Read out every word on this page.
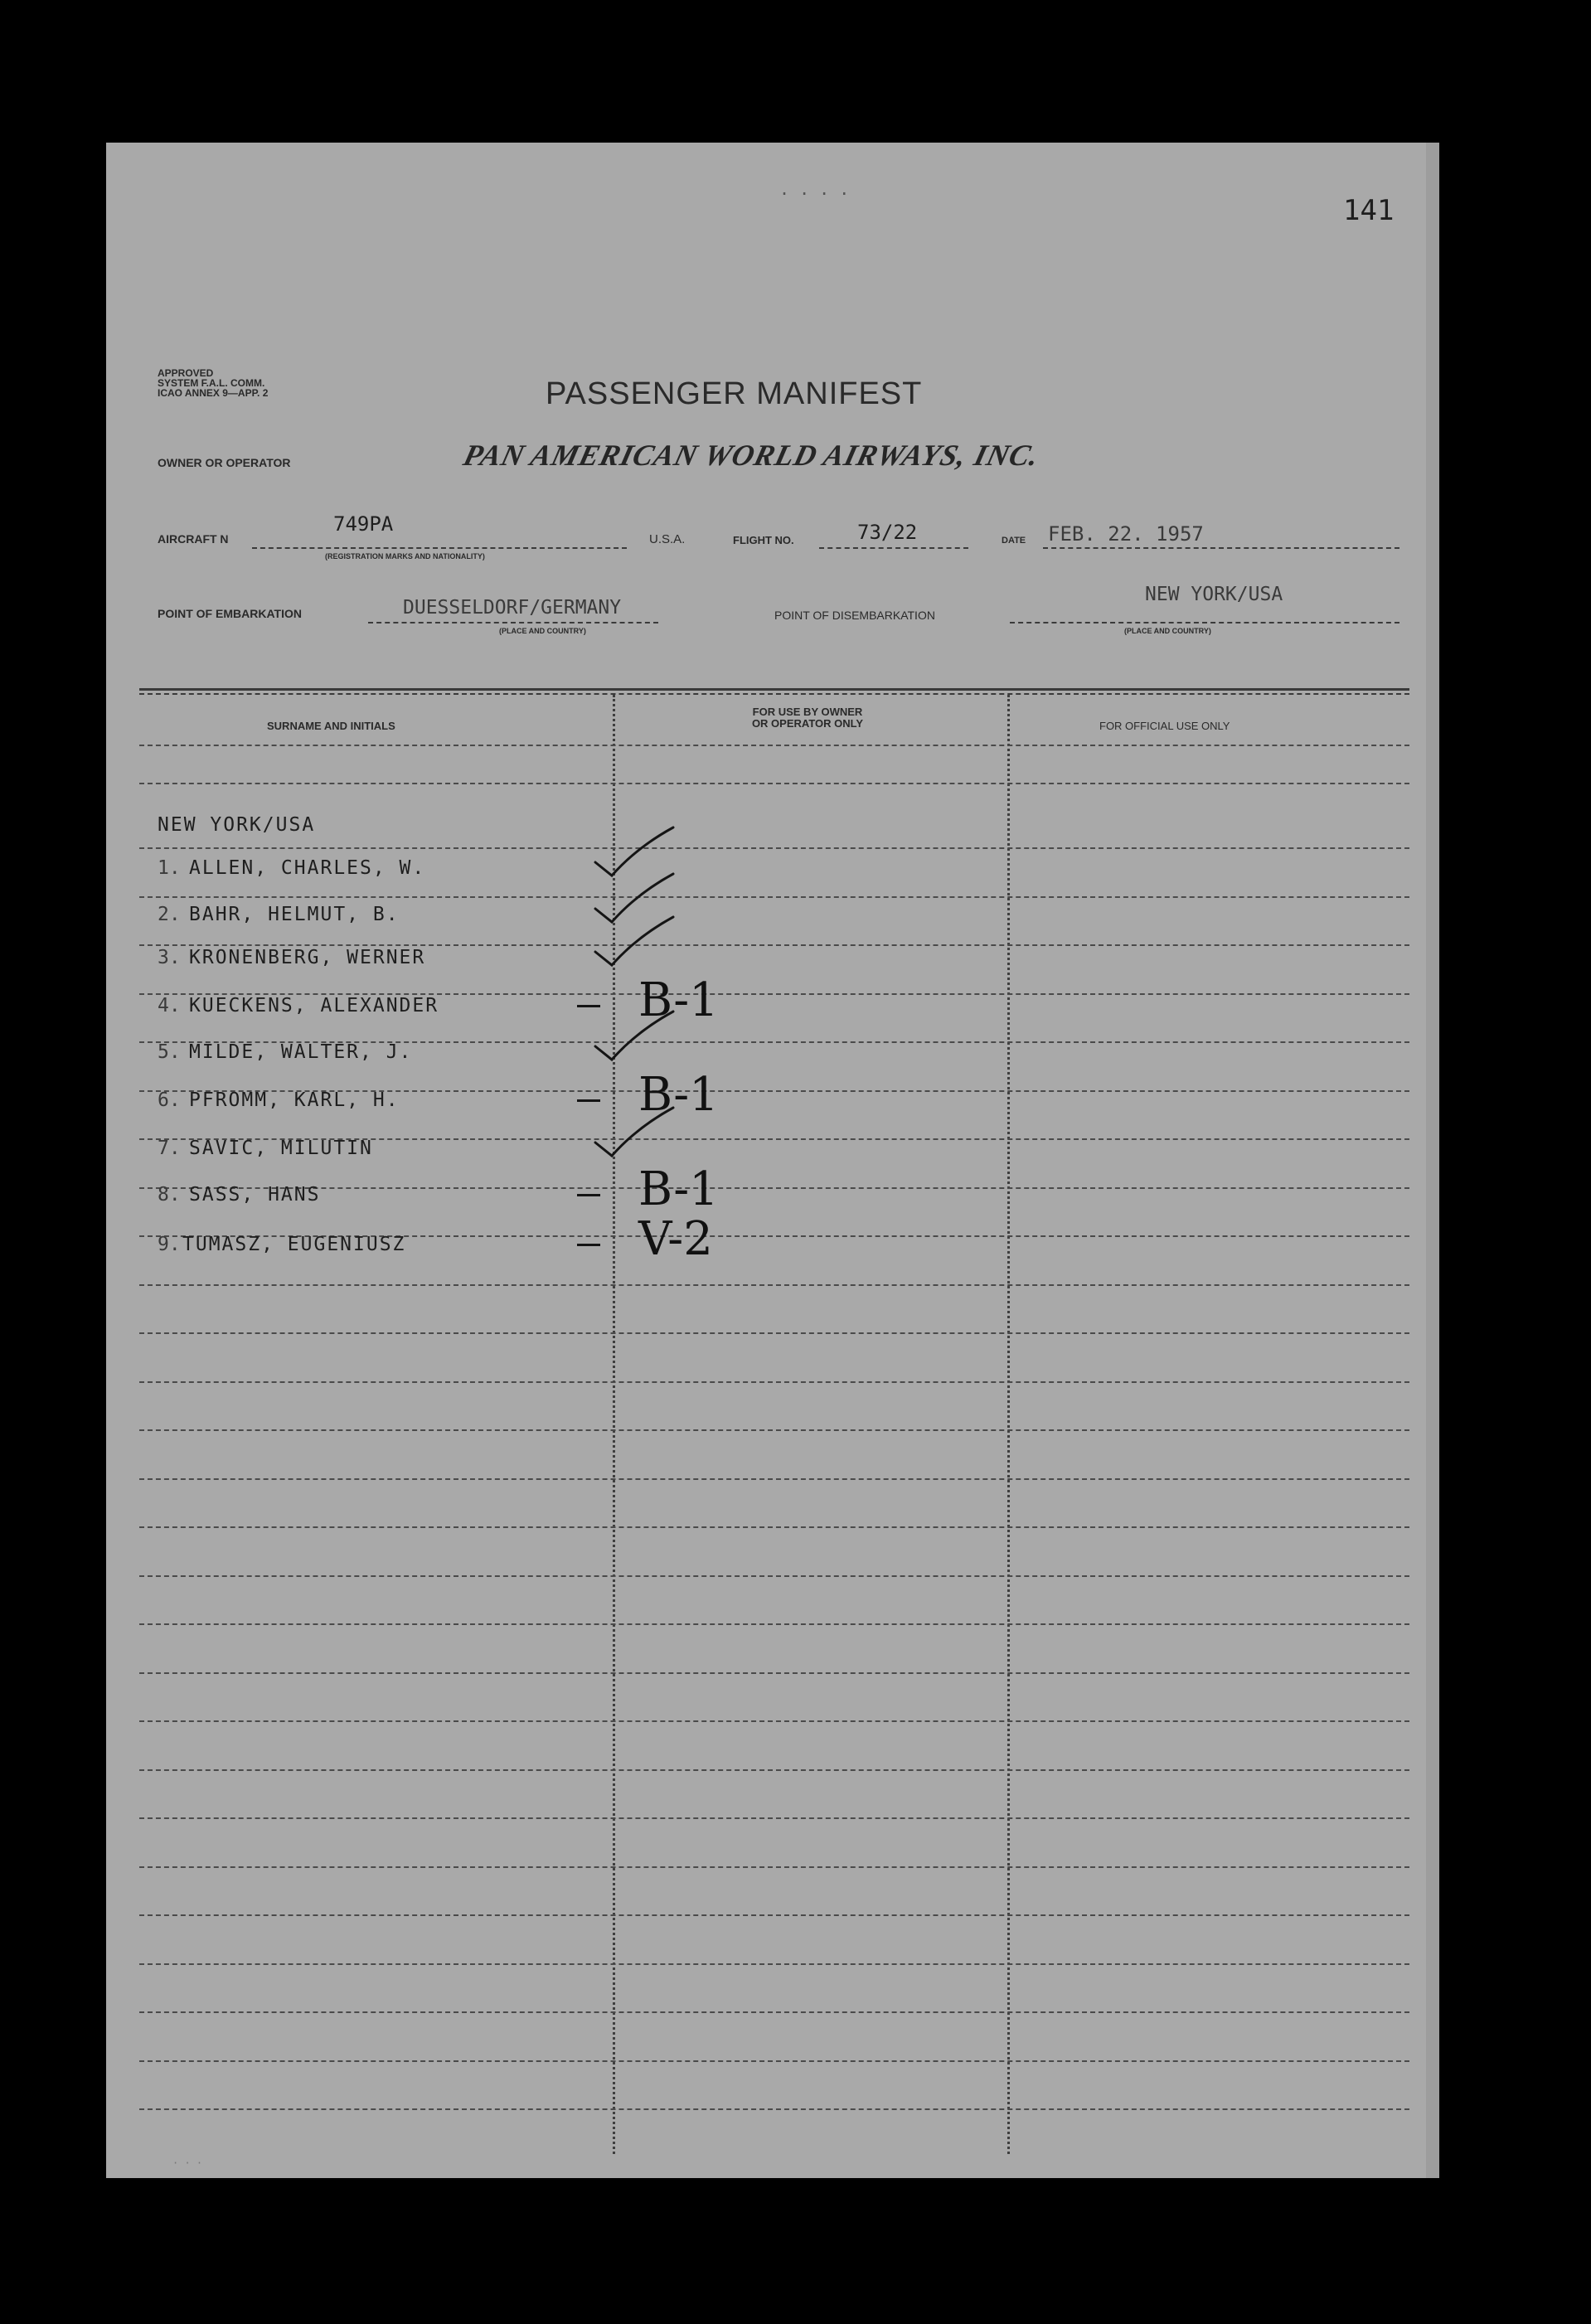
141
. . . .
APPROVED
SYSTEM F.A.L. COMM.
ICAO ANNEX 9—APP. 2	PASSENGER MANIFEST
OWNER OR OPERATOR	PAN AMERICAN WORLD AIRWAYS, INC.
AIRCRAFT N
749PA
(REGISTRATION MARKS AND NATIONALITY)
U.S.A.	FLIGHT NO.	73/22	DATE FEB. 22. 1957
POINT OF EMBARKATION	DUESSELDORF/GERMANY
(PLACE AND COUNTRY)
POINT OF DISEMBARKATION
NEW YORK/USA
(PLACE AND COUNTRY)
SURNAME AND INITIALS
FOR USE BY OWNER
OR OPERATOR ONLY	FOR OFFICIAL USE ONLY
NEW YORK/USA
1. ALLEN, CHARLES, W.
2. BAHR, HELMUT, B.
3. KRONENBERG, WERNER
4. KUECKENS, ALEXANDER	B-1
5. MILDE, WALTER, J.
6. PFROMM, KARL, H.	B-1
7. SAVIC, MILUTIN
8. SASS, HANS	B-1
9. TUMASZ, EUGENIUSZ	V-2
· · ·
